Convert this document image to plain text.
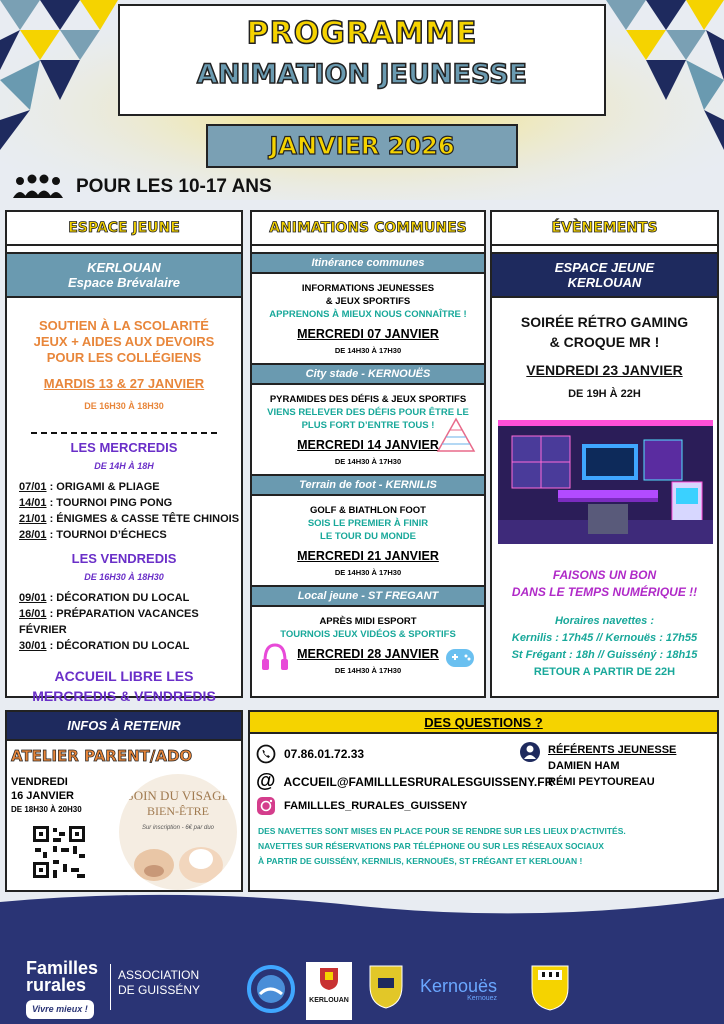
PROGRAMME
ANIMATION JEUNESSE
JANVIER 2026
POUR LES 10-17 ANS
ESPACE JEUNE
KERLOUAN
Espace Brévalaire
SOUTIEN À LA SCOLARITÉ
JEUX + AIDES AUX DEVOIRS
POUR LES COLLÉGIENS
MARDIS 13 & 27 JANVIER
DE 16H30 À 18H30
LES MERCREDIS
DE 14H À 18H
07/01 : ORIGAMI & PLIAGE
14/01 : TOURNOI PING PONG
21/01 : ÉNIGMES & CASSE TÊTE CHINOIS
28/01 : TOURNOI D’ÉCHECS
LES VENDREDIS
DE 16H30 À 18H30
09/01 : DÉCORATION DU LOCAL
16/01 : PRÉPARATION VACANCES FÉVRIER
30/01 : DÉCORATION DU LOCAL
ACCUEIL LIBRE LES
MERCREDIS & VENDREDIS
ANIMATIONS COMMUNES
Itinérance communes
INFORMATIONS JEUNESSES
& JEUX SPORTIFS
APPRENONS À MIEUX NOUS CONNAÎTRE !
MERCREDI 07 JANVIER
DE 14H30 À 17H30
City stade - KERNOUËS
PYRAMIDES DES DÉFIS & JEUX SPORTIFS
VIENS RELEVER DES DÉFIS POUR ÊTRE LE
PLUS FORT D’ENTRE TOUS !
MERCREDI 14 JANVIER
DE 14H30 À 17H30
Terrain de foot - KERNILIS
GOLF & BIATHLON FOOT
SOIS LE PREMIER À FINIR
LE TOUR DU MONDE
MERCREDI 21 JANVIER
DE 14H30 À 17H30
Local jeune - ST FREGANT
APRÈS MIDI ESPORT
TOURNOIS JEUX VIDÉOS & SPORTIFS
MERCREDI 28 JANVIER
DE 14H30 À 17H30
ÉVÈNEMENTS
ESPACE JEUNE
KERLOUAN
SOIRÉE RÉTRO GAMING
& CROQUE MR !
VENDREDI 23 JANVIER
DE 19H À 22H
FAISONS UN BON
DANS LE TEMPS NUMÉRIQUE !!
Horaires navettes :
Kernilis : 17h45 // Kernouës : 17h55
St Frégant : 18h // Guisséný : 18h15
RETOUR A PARTIR DE 22H
INFOS À RETENIR
ATELIER PARENT/ADO
VENDREDI
16 JANVIER
DE 18H30 À 20H30
SOIN DU VISAGE
BIEN-ÊTRE
Sur inscription - 6€ par duo
DES QUESTIONS ?
07.86.01.72.33
@ ACCUEIL@FAMILLLESRURALESGUISSENY.FR
FAMILLLES_RURALES_GUISSENY
RÉFÉRENTS JEUNESSE
DAMIEN HAM
RÉMI PEYTOUREAU
DES NAVETTES SONT MISES EN PLACE POUR SE RENDRE SUR LES LIEUX D’ACTIVITÉS.
NAVETTES SUR RÉSERVATIONS PAR TÉLÉPHONE OU SUR LES RÉSEAUX SOCIAUX
À PARTIR DE GUISSÉNY, KERNILIS, KERNOUËS, ST FRÉGANT ET KERLOUAN !
Familles
rurales
Vivre mieux !
ASSOCIATION
DE GUISSÉNY
KERLOUAN
Kernouës
Kernouez
